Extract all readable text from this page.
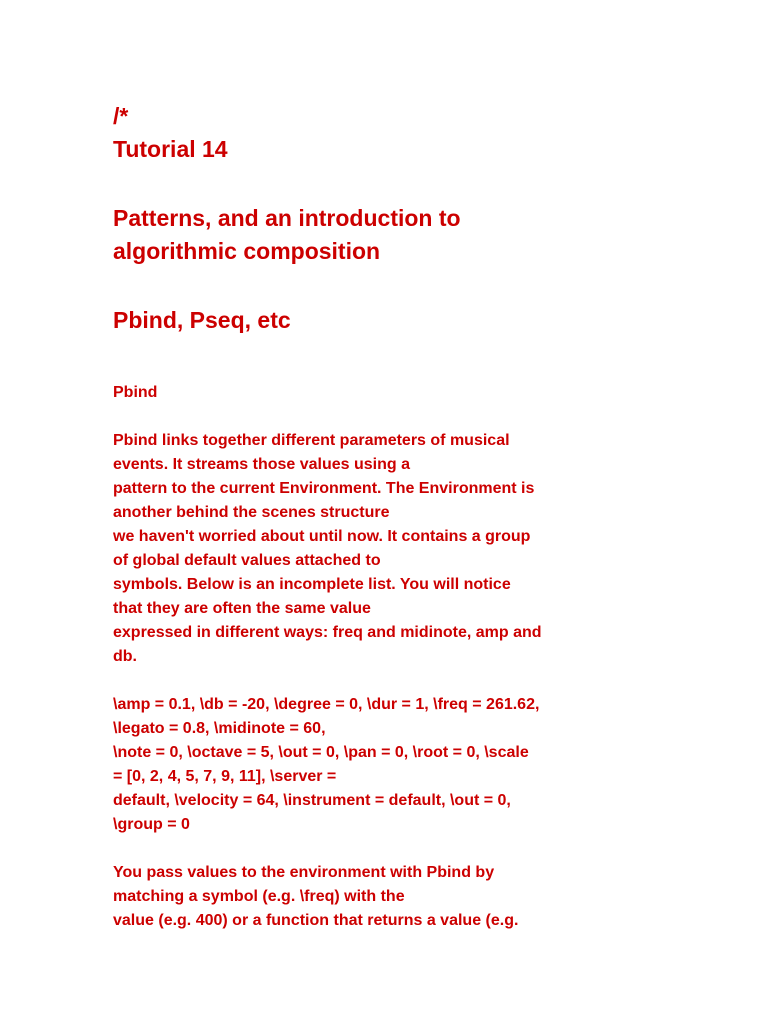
/*
Tutorial 14
Patterns, and an introduction to
algorithmic composition
Pbind, Pseq, etc
Pbind
Pbind links together different parameters of musical
events. It streams those values using a
pattern to the current Environment. The Environment is
another behind the scenes structure
we haven't worried about until now. It contains a group
of global default values attached to
symbols. Below is an incomplete list. You will notice
that they are often the same value
expressed in different ways: freq and midinote, amp and
db.
\amp = 0.1, \db = -20, \degree = 0, \dur = 1, \freq = 261.62,
\legato = 0.8, \midinote = 60,
\note = 0, \octave = 5, \out = 0, \pan = 0, \root = 0, \scale
= [0, 2, 4, 5, 7, 9, 11], \server =
default, \velocity = 64, \instrument = default, \out = 0,
\group = 0
You pass values to the environment with Pbind by
matching a symbol (e.g. \freq) with the
value (e.g. 400) or a function that returns a value (e.g.
